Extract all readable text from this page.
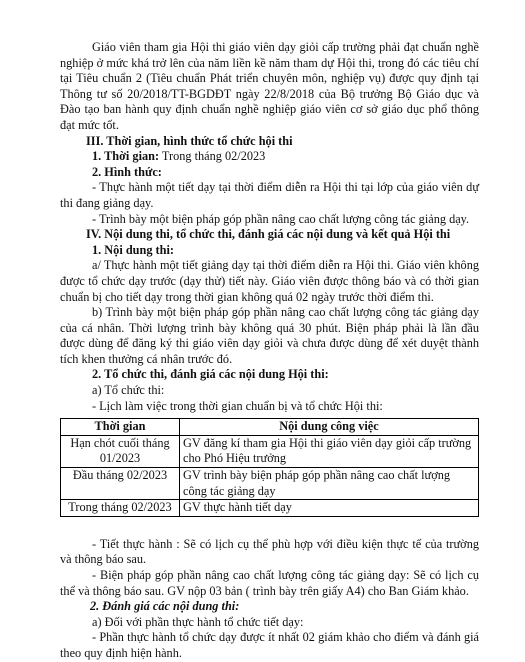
Giáo viên tham gia Hội thi giáo viên dạy giỏi cấp trường phải đạt chuẩn nghề nghiệp ở mức khá trở lên của năm liền kề năm tham dự Hội thi, trong đó các tiêu chí tại Tiêu chuẩn 2 (Tiêu chuẩn Phát triển chuyên môn, nghiệp vụ) được quy định tại Thông tư số 20/2018/TT-BGDĐT ngày 22/8/2018 của Bộ trưởng Bộ Giáo dục và Đào tạo ban hành quy định chuẩn nghề nghiệp giáo viên cơ sở giáo dục phổ thông đạt mức tốt.

III. Thời gian, hình thức tổ chức hội thi

1. Thời gian: Trong tháng 02/2023

2. Hình thức:

- Thực hành một tiết dạy tại thời điểm diễn ra Hội thi tại lớp của giáo viên dự thi đang giảng dạy.

- Trình bày một biện pháp góp phần nâng cao chất lượng công tác giảng dạy.

IV. Nội dung thi, tổ chức thi, đánh giá các nội dung và kết quả Hội thi

1. Nội dung thi:

a/ Thực hành một tiết giảng dạy tại thời điểm diễn ra Hội thi. Giáo viên không được tổ chức dạy trước (dạy thử) tiết này. Giáo viên được thông báo và có thời gian chuẩn bị cho tiết dạy trong thời gian không quá 02 ngày trước thời điểm thi.

b) Trình bày một biện pháp góp phần nâng cao chất lượng công tác giảng dạy của cá nhân. Thời lượng trình bày không quá 30 phút. Biện pháp phải là lần đầu được dùng để đăng ký thi giáo viên dạy giỏi và chưa được dùng để xét duyệt thành tích khen thưởng cá nhân trước đó.

2. Tổ chức thi, đánh giá các nội dung Hội thi:

a) Tổ chức thi:

- Lịch làm việc trong thời gian chuẩn bị và tổ chức Hội thi:

Thời gian	Nội dung công việc
Hạn chót cuối tháng 01/2023	GV đăng kí tham gia Hội thi giáo viên dạy giỏi cấp trường cho Phó Hiệu trưởng
Đầu tháng 02/2023	GV trình bày biện pháp góp phần nâng cao chất lượng công tác giảng dạy
Trong tháng 02/2023	GV thực hành tiết dạy

- Tiết thực hành : Sẽ có lịch cụ thể phù hợp với điều kiện thực tế của trường và thông báo sau.

- Biện pháp góp phần nâng cao chất lượng công tác giảng dạy: Sẽ có lịch cụ thể và thông báo sau. GV nộp 03 bản ( trình bày trên giấy A4) cho Ban Giám khảo.

2. Đánh giá các nội dung thi:

a) Đối với phần thực hành tổ chức tiết dạy:

- Phần thực hành tổ chức dạy được ít nhất 02 giám khảo cho điểm và đánh giá theo quy định hiện hành.
